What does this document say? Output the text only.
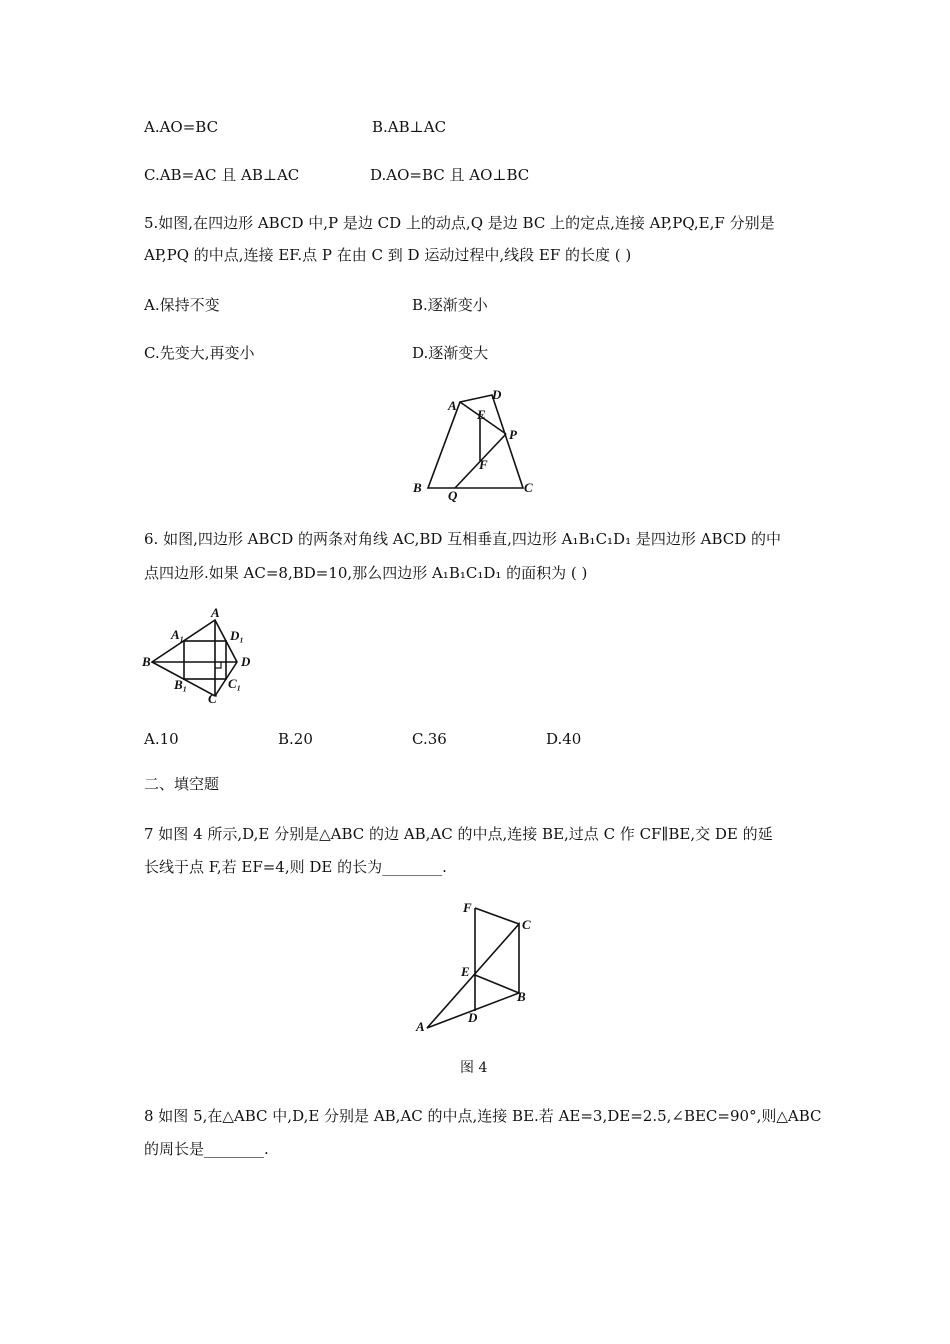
A.AO=BC	B.AB⊥AC
C.AB=AC 且 AB⊥AC	D.AO=BC 且 AO⊥BC
5.如图,在四边形 ABCD 中,P 是边 CD 上的动点,Q 是边 BC 上的定点,连接 AP,PQ,E,F 分别是
AP,PQ 的中点,连接 EF.点 P 在由 C 到 D 运动过程中,线段 EF 的长度 ( )
A.保持不变	B.逐渐变小
C.先变大,再变小	D.逐渐变大
A
D
E
P
F
B
Q
C
6. 如图,四边形 ABCD 的两条对角线 AC,BD 互相垂直,四边形 A₁B₁C₁D₁ 是四边形 ABCD 的中
点四边形.如果 AC=8,BD=10,那么四边形 A₁B₁C₁D₁ 的面积为 ( )
A
A₁	D₁
B	D
B₁	C₁
C
A.10	B.20	C.36	D.40
二、填空题
7 如图 4 所示,D,E 分别是△ABC 的边 AB,AC 的中点,连接 BE,过点 C 作 CF∥BE,交 DE 的延
长线于点 F,若 EF=4,则 DE 的长为________.
F
C
E
B
D
A
图 4
8 如图 5,在△ABC 中,D,E 分别是 AB,AC 的中点,连接 BE.若 AE=3,DE=2.5,∠BEC=90°,则△ABC
的周长是________.
